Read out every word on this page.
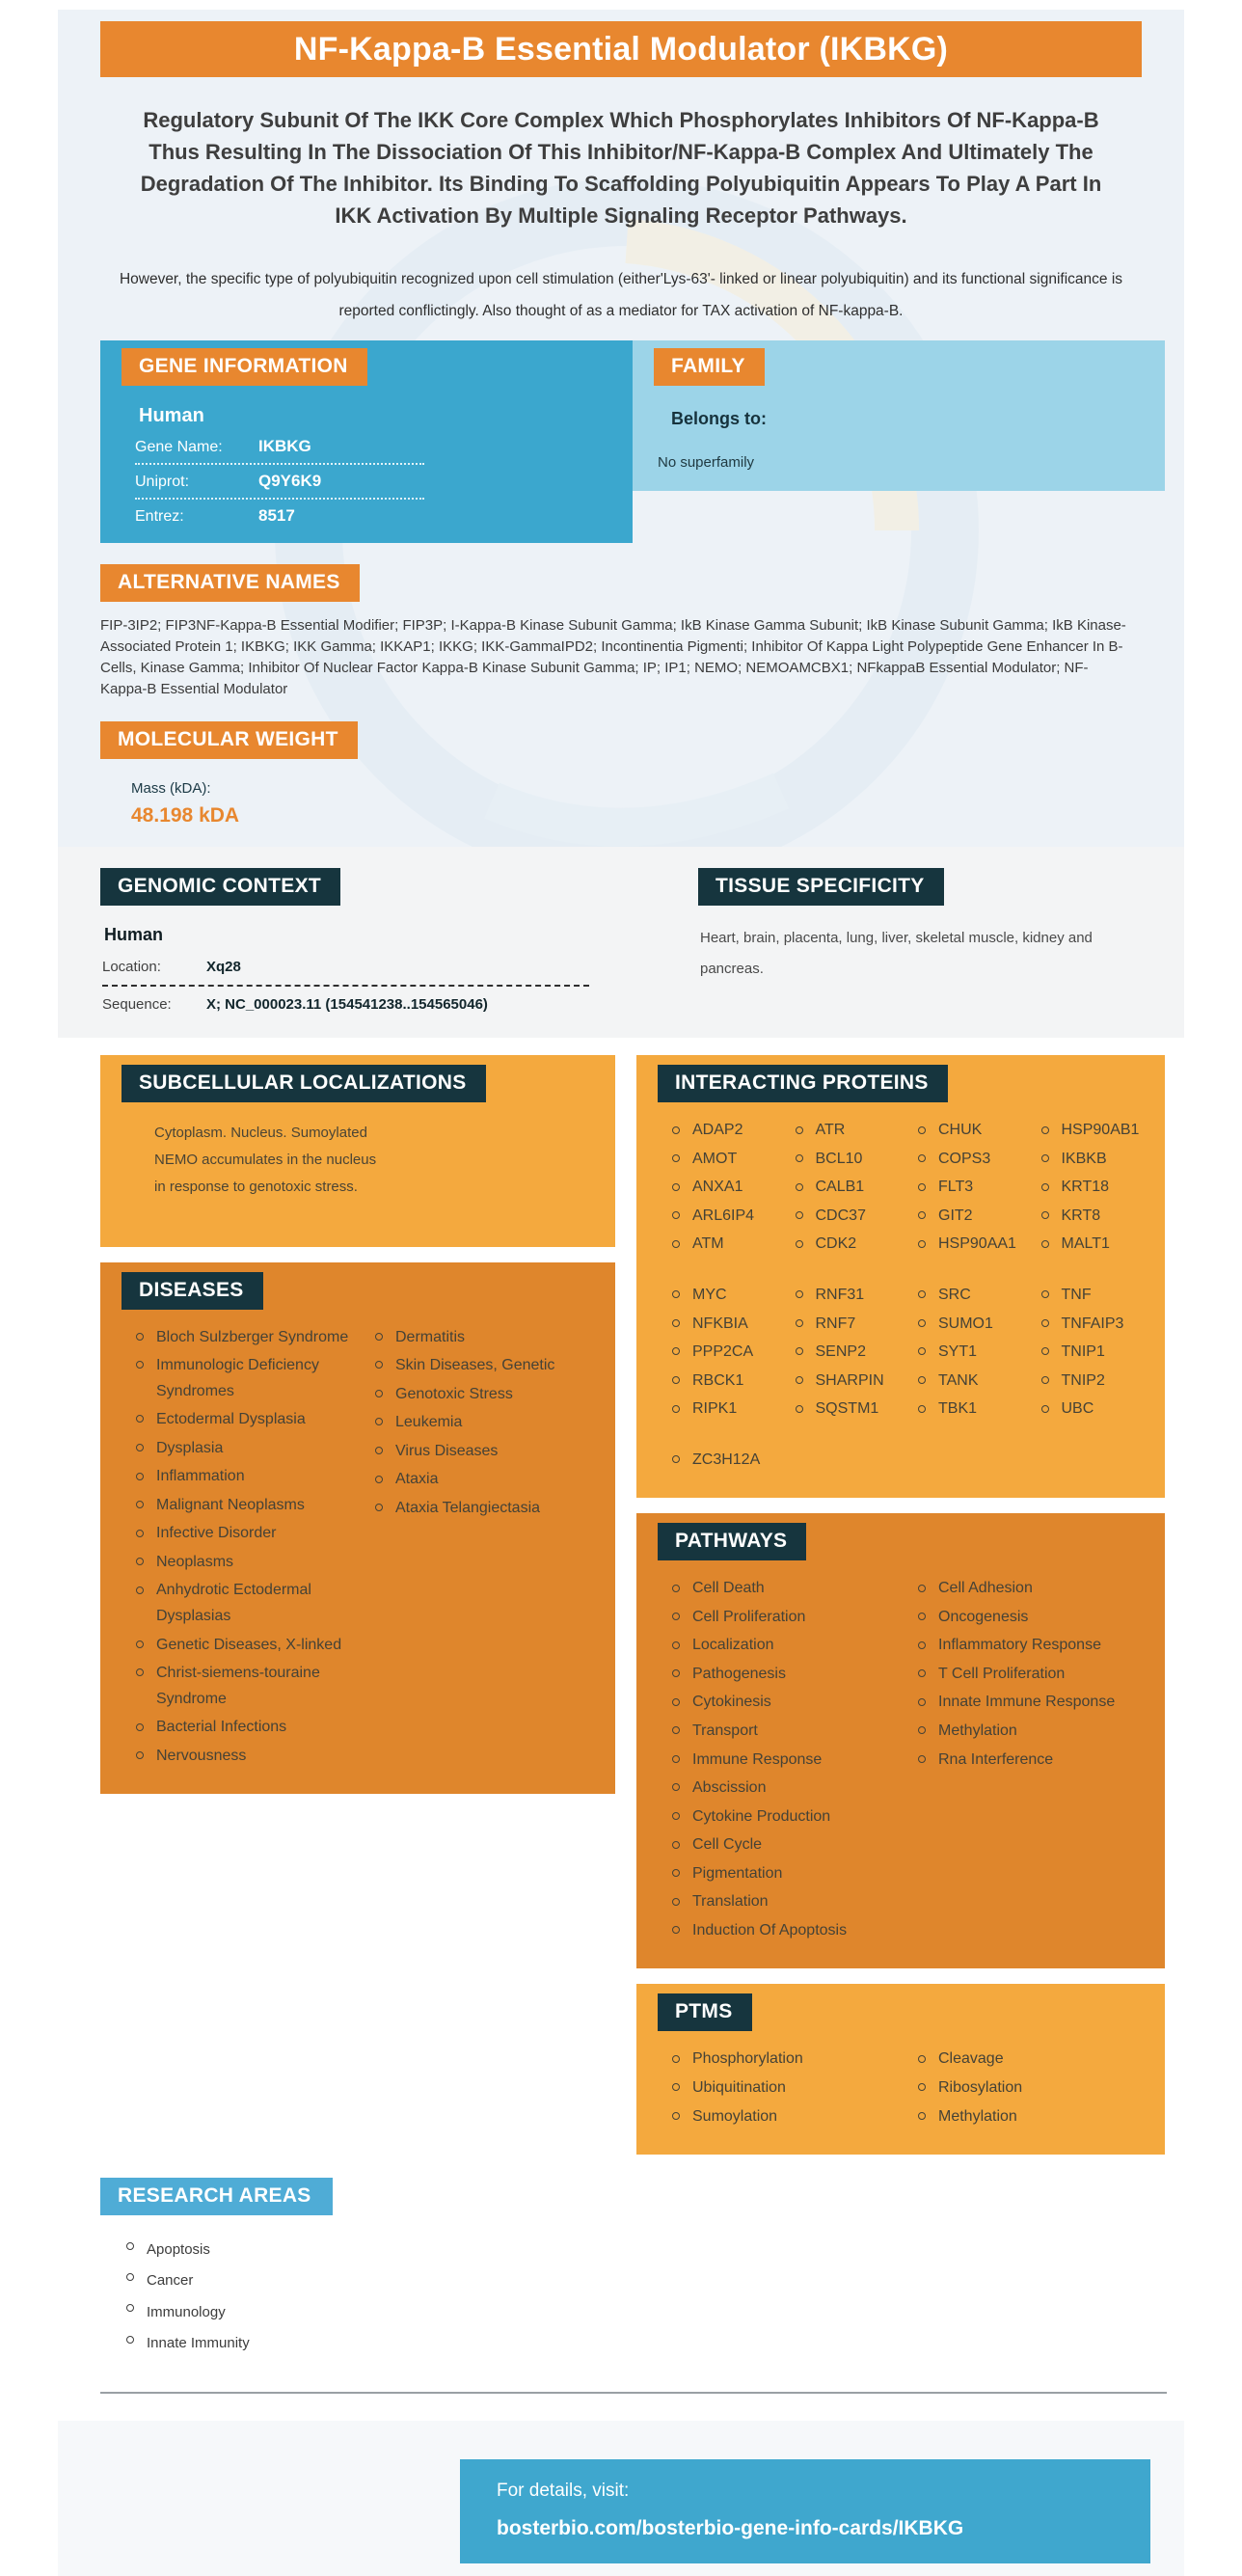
NF-Kappa-B Essential Modulator (IKBKG)
Regulatory Subunit Of The IKK Core Complex Which Phosphorylates Inhibitors Of NF-Kappa-B Thus Resulting In The Dissociation Of This Inhibitor/NF-Kappa-B Complex And Ultimately The Degradation Of The Inhibitor. Its Binding To Scaffolding Polyubiquitin Appears To Play A Part In IKK Activation By Multiple Signaling Receptor Pathways.
However, the specific type of polyubiquitin recognized upon cell stimulation (either'Lys-63'- linked or linear polyubiquitin) and its functional significance is reported conflictingly. Also thought of as a mediator for TAX activation of NF-kappa-B.
GENE INFORMATION
Human
Gene Name:	IKBKG
Uniprot:	Q9Y6K9
Entrez:	8517
FAMILY
Belongs to:
No superfamily
ALTERNATIVE NAMES
FIP-3IP2; FIP3NF-Kappa-B Essential Modifier; FIP3P; I-Kappa-B Kinase Subunit Gamma; IkB Kinase Gamma Subunit; IkB Kinase Subunit Gamma; IkB Kinase-Associated Protein 1; IKBKG; IKK Gamma; IKKAP1; IKKG; IKK-GammaIPD2; Incontinentia Pigmenti; Inhibitor Of Kappa Light Polypeptide Gene Enhancer In B-Cells, Kinase Gamma; Inhibitor Of Nuclear Factor Kappa-B Kinase Subunit Gamma; IP; IP1; NEMO; NEMOAMCBX1; NFkappaB Essential Modulator; NF-Kappa-B Essential Modulator
MOLECULAR WEIGHT
Mass (kDA):
48.198 kDA
GENOMIC CONTEXT
Human
Location:	Xq28
Sequence:	X; NC_000023.11 (154541238..154565046)
TISSUE SPECIFICITY
Heart, brain, placenta, lung, liver, skeletal muscle, kidney and pancreas.
SUBCELLULAR LOCALIZATIONS
Cytoplasm. Nucleus. Sumoylated NEMO accumulates in the nucleus in response to genotoxic stress.
DISEASES
Bloch Sulzberger Syndrome
Immunologic Deficiency Syndromes
Ectodermal Dysplasia
Dysplasia
Inflammation
Malignant Neoplasms
Infective Disorder
Neoplasms
Anhydrotic Ectodermal Dysplasias
Genetic Diseases, X-linked
Christ-siemens-touraine Syndrome
Bacterial Infections
Nervousness
Dermatitis
Skin Diseases, Genetic
Genotoxic Stress
Leukemia
Virus Diseases
Ataxia
Ataxia Telangiectasia
INTERACTING PROTEINS
ADAP2
AMOT
ANXA1
ARL6IP4
ATM
MYC
NFKBIA
PPP2CA
RBCK1
RIPK1
ZC3H12A
ATR
BCL10
CALB1
CDC37
CDK2
RNF31
RNF7
SENP2
SHARPIN
SQSTM1
CHUK
COPS3
FLT3
GIT2
HSP90AA1
SRC
SUMO1
SYT1
TANK
TBK1
HSP90AB1
IKBKB
KRT18
KRT8
MALT1
TNF
TNFAIP3
TNIP1
TNIP2
UBC
PATHWAYS
Cell Death
Cell Proliferation
Localization
Pathogenesis
Cytokinesis
Transport
Immune Response
Abscission
Cytokine Production
Cell Cycle
Pigmentation
Translation
Induction Of Apoptosis
Cell Adhesion
Oncogenesis
Inflammatory Response
T Cell Proliferation
Innate Immune Response
Methylation
Rna Interference
PTMS
Phosphorylation
Ubiquitination
Sumoylation
Cleavage
Ribosylation
Methylation
RESEARCH AREAS
Apoptosis
Cancer
Immunology
Innate Immunity
For details, visit:
bosterbio.com/bosterbio-gene-info-cards/IKBKG
